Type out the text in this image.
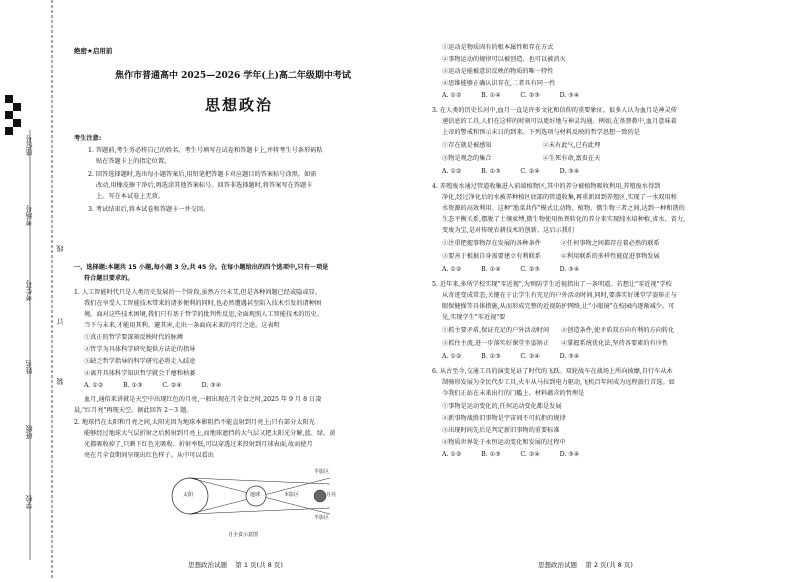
座位号
考场号
考生号
姓名
班级
学校
线
订
装
绝密★启用前
焦作市普通高中 2025—2026 学年(上)高二年级期中考试
思想政治
考生注意:
1. 答题前,考生务必将自己的姓名、考生号填写在试卷和答题卡上,并将考生号条形码粘
贴在答题卡上的指定位置。
2. 回答选择题时,选出每小题答案后,用铅笔把答题卡对应题目的答案标号涂黑。如需
改动,用橡皮擦干净后,再选涂其他答案标号。回答非选择题时,将答案写在答题卡
上。写在本试卷上无效。
3. 考试结束后,将本试卷和答题卡一并交回。
一、选择题:本题共 15 小题,每小题 3 分,共 45 分。在每小题给出的四个选项中,只有一项是
符合题目要求的。
1. 人工智能时代只是人类历史发展的一个阶段,虽然方兴未艾,但是各种问题已经或隐或显。
我们在享受人工智能技术带来的诸多便利的同时,也必然遭遇甚至陷入技术引发的诸种困
境。面对这些技术困境,我们只有基于哲学的批判性反思,全面观照人工智能技术的历史、
当下与未来,才能用其利、避其害,走出一条面向未来的可行之途。这表明
①真正的哲学要深刻反映时代的脉搏
②哲学为具体科学研究提供方法论的指导
③缺乏哲学指导的科学研究必将走入歧途
④离开具体科学知识哲学就会干瘪和枯萎
A. ①②          B. ①③          C. ②④          D. ③④
血月,通俗来讲就是天空中出现红色的月亮,一般出现在月全食之时,2025 年 9 月 8 日凌
晨,"红月亮"再现天空。据此回答 2～3 题。
2. 地球挡在太阳和月亮之间,太阳光因为地球本影阻挡不能直射到月亮上;只有部分太阳光
能够经过地球大气层折射之后照射到月亮上,而地球遮挡的大气层又把太阳光分解,蓝、绿、黄
光都吸收掉了,只剩下红色光吸收、折射率低,可以穿透过来投射到月球表面,故而使月
亮在月全食期间呈现出红色样子。从中可以看出
太阳	地球	本影区
半影区
半影区
月亮
月全食示意图
思想政治试题    第 1 页(共 8 页)
①运动是物质固有的根本属性和存在方式
②事物运动的规律可以被创造、也可以被消灭
③运动是能被意识反映的物质的唯一特性
④思维能够正确认识存在,二者具有同一性
A. ①②          B. ①④          C. ②③          D. ③④
3. 在人类的历史长河中,血月一直是许多文化和信仰的重要象征。很多人认为血月是神灵传
递信息的工具,人们在这样的时刻可以更好地与神灵沟通。例如,在基督教中,血月意味着
上帝的警戒和预示末日的到来。下列选项与材料反映的哲学思想一致的是
①存在就是被感知                          ②未有此气,已有此理
③物是观念的集合                          ④生死有命,富贵在天
A. ①②          B. ①③          C. ②④          D. ③④
4. 养殖废水通过管道收集进入前端植物区,其中的养分被植物吸收利用,养殖废水得到
净化,经过净化后的水被养种植区底部的管道收集,再重新回到养殖区,实现了一水双用和
水资源的高效利用。这种"渔菜共作"模式让动物、植物、微生物三者之间,达到一种和谐的
生态平衡关系,摆脱了土壤束缚,微生物使用鱼粪转化的养分来实现纯水培种植,省水、省力,
变废为宝,是对传统农耕技术的创新。这启示我们
①注重把握事物存在发展的各种条件          ②任何事物之间都存在着必然的联系
③要善于根据自身需要建立有利联系          ④利用联系的多样性能促进事物发展
A. ①②          B. ①④          C. ②③          D. ③④
5. 近年来,多所学校实现"零近视",为预防学生近视指出了一条明道。若想让"零近视"学校
从奇迹变成常态,关键在于让学生有充足的户外活动时间,同时,要落实好课堂学姿矫正与
眼保健操等具体措施,从而形成完整的近视防护网络,让"小眼镜"在校园内逐渐减少。可
见,实现学生"零近视"要
①抓主要矛盾,保证充足的户外活动时间      ②创造条件,使矛盾双方向有利的方向转化
③抓住主流,进一步落实好课堂坐姿矫正      ④掌握系统优化法,坚持各要素的有序性
A. ①②          B. ①③          C. ②④          D. ③④
6. 从古至今,交通工具的演变见证了时代的飞跃。双轮战车在战场上所向披靡,自行车从木
制骑形发展为全民代步工具,火车从马拉到电力驱动,飞机百年间成为远程旅行首选。如
今我们正站在未来出行的门槛上。材料蕴含的哲理是
①事物是运动变化的,任何运动变化都是发展
②新事物战胜旧事物是宇宙间不可抗拒的规律
③出现时间先后是判定新旧事物的重要标准
④物质世界处于永恒运动变化和发展的过程中
A. ①②          B. ①③          C. ②④          D. ③④
思想政治试题    第 2 页(共 8 页)
